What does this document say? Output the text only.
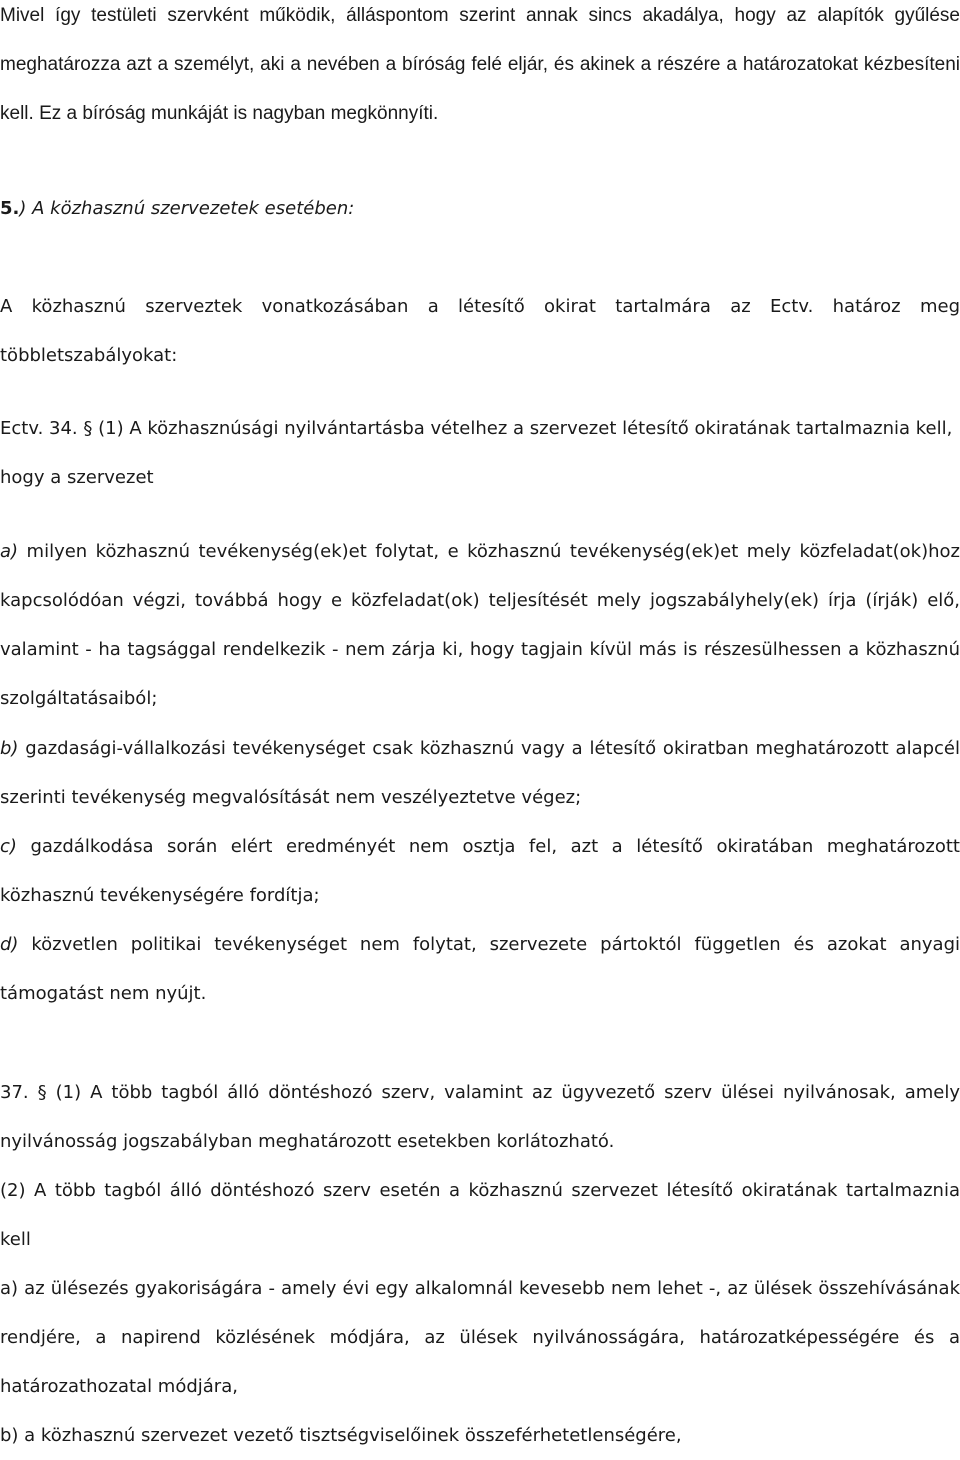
Mivel így testületi szervként működik, álláspontom szerint annak sincs akadálya, hogy az alapítók gyűlése meghatározza azt a személyt, aki a nevében a bíróság felé eljár, és akinek a részére a határozatokat kézbesíteni kell. Ez a bíróság munkáját is nagyban megkönnyíti.

5.) A közhasznú szervezetek esetében:

A közhasznú szerveztek vonatkozásában a létesítő okirat tartalmára az Ectv. határoz meg többletszabályokat:

Ectv. 34. § (1) A közhasznúsági nyilvántartásba vételhez a szervezet létesítő okiratának tartalmaznia kell, hogy a szervezet

a) milyen közhasznú tevékenység(ek)et folytat, e közhasznú tevékenység(ek)et mely közfeladat(ok)hoz kapcsolódóan végzi, továbbá hogy e közfeladat(ok) teljesítését mely jogszabályhely(ek) írja (írják) elő, valamint - ha tagsággal rendelkezik - nem zárja ki, hogy tagjain kívül más is részesülhessen a közhasznú szolgáltatásaiból;

b) gazdasági-vállalkozási tevékenységet csak közhasznú vagy a létesítő okiratban meghatározott alapcél szerinti tevékenység megvalósítását nem veszélyeztetve végez;

c) gazdálkodása során elért eredményét nem osztja fel, azt a létesítő okiratában meghatározott közhasznú tevékenységére fordítja;

d) közvetlen politikai tevékenységet nem folytat, szervezete pártoktól független és azokat anyagi támogatást nem nyújt.

37. § (1) A több tagból álló döntéshozó szerv, valamint az ügyvezető szerv ülései nyilvánosak, amely nyilvánosság jogszabályban meghatározott esetekben korlátozható.

(2) A több tagból álló döntéshozó szerv esetén a közhasznú szervezet létesítő okiratának tartalmaznia kell

a) az ülésezés gyakoriságára - amely évi egy alkalomnál kevesebb nem lehet -, az ülések összehívásának rendjére, a napirend közlésének módjára, az ülések nyilvánosságára, határozatképességére és a határozathozatal módjára,

b) a közhasznú szervezet vezető tisztségviselőinek összeférhetetlenségére,
